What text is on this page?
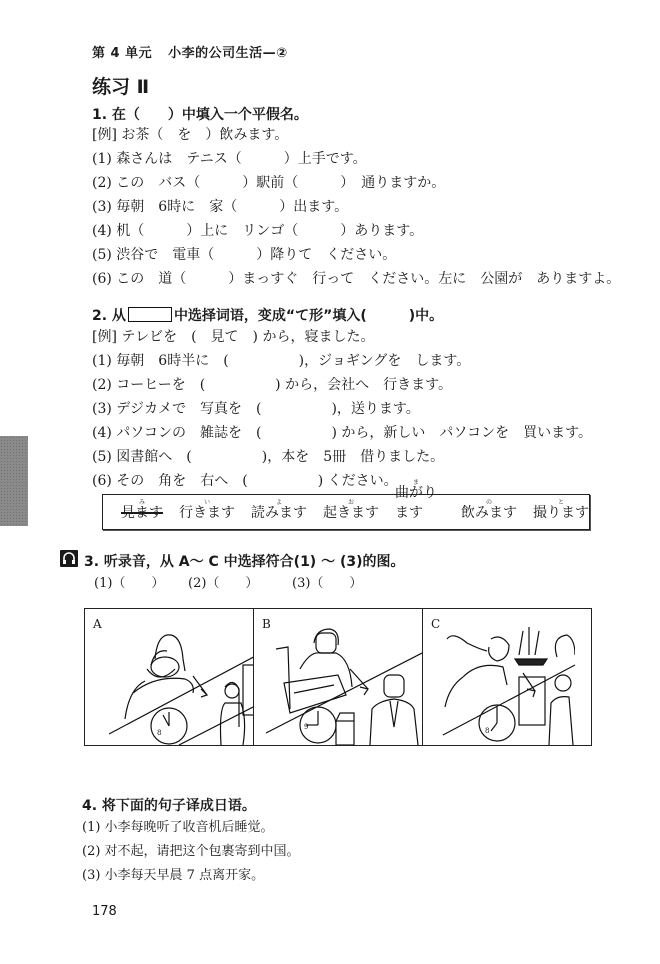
第 4 单元 小李的公司生活—②
练习 Ⅱ
1. 在（　　）中填入一个平假名。
[例] お茶（　を　）飲みます。
(1) 森さんは　テニス（　　　）上手です。
(2) この　バス（　　　）駅前（　　　）　通りますか。
(3) 毎朝　6時に　家（　　　）出ます。
(4) 机（　　　）上に　リンゴ（　　　）あります。
(5) 渋谷で　電車（　　　）降りて　ください。
(6) この　道（　　　）まっすぐ　行って　ください。左に　公園が　ありますよ。
2. 从	中选择词语，变成“て形”填入(　　　)中。
[例] テレビを　(　見て　) から，寝ました。
(1) 毎朝　6時半に　(　　　　　)，ジョギングを　します。
(2) コーヒーを　(　　　　　) から，会社へ　行きます。
(3) デジカメで　写真を　(　　　　　)，送ります。
(4) パソコンの　雑誌を　(　　　　　) から，新しい　パソコンを　買います。
(5) 図書館へ　(　　　　　)，本を　5冊　借りました。
(6) その　角を　右へ　(　　　　　) ください。
見ますみ
行きますい
読みますよ
起きますお
曲がりますま
飲みますの
撮りますと
3. 听录音，从 A～ C 中选择符合(1) ～ (3)的图。
(1)（　　） (2)（　　）	(3)（　　）
A
8
B
9
C
8
4. 将下面的句子译成日语。
(1) 小李每晚听了收音机后睡觉。
(2) 对不起，请把这个包裹寄到中国。
(3) 小李每天早晨 7 点离开家。
178
